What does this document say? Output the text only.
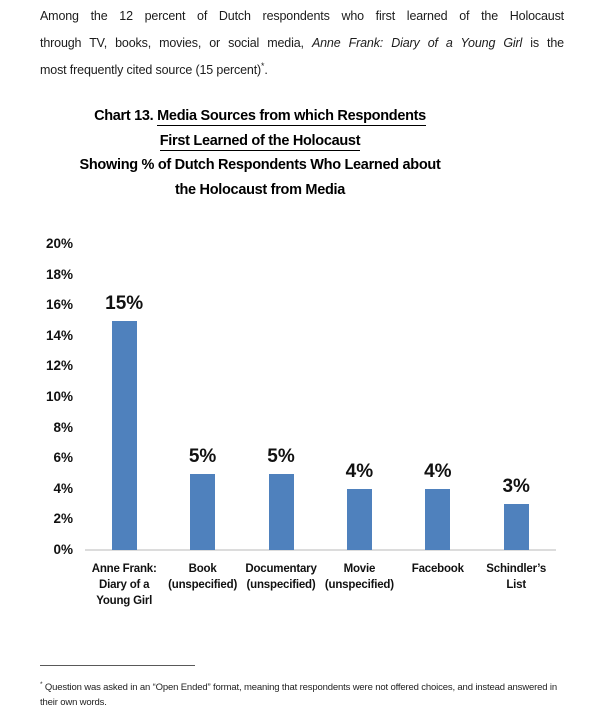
Among the 12 percent of Dutch respondents who first learned of the Holocaust
through TV, books, movies, or social media, Anne Frank: Diary of a Young Girl is the
most frequently cited source (15 percent)*.
Chart 13. Media Sources from which Respondents
First Learned of the Holocaust
Showing % of Dutch Respondents Who Learned about
the Holocaust from Media
20%
18%
16%
14%
12%
10%
8%
6%
4%
2%
0%
15%
Anne Frank:
Diary of a
Young Girl
5%
Book
(unspecified)
5%
Documentary
(unspecified)
4%
Movie
(unspecified)
4%
Facebook
3%
Schindler’s
List
* Question was asked in an “Open Ended” format, meaning that respondents were not offered choices, and instead answered in their own words.
